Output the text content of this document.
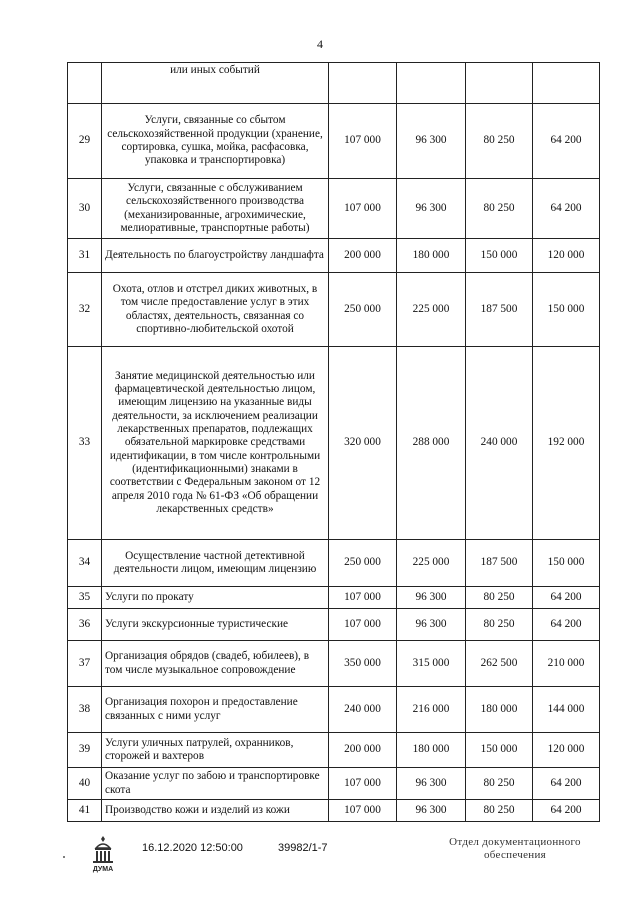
4
	или иных событий				
29	Услуги, связанные со сбытом сельскохозяйственной продукции (хранение, сортировка, сушка, мойка, расфасовка, упаковка и транспортировка)	107 000	96 300	80 250	64 200
30	Услуги, связанные с обслуживанием сельскохозяйственного производства (механизированные, агрохимические, мелиоративные, транспортные работы)	107 000	96 300	80 250	64 200
31	Деятельность по благоустройству ландшафта	200 000	180 000	150 000	120 000
32	Охота, отлов и отстрел диких животных, в том числе предоставление услуг в этих областях, деятельность, связанная со спортивно-любительской охотой	250 000	225 000	187 500	150 000
33	Занятие медицинской деятельностью или фармацевтической деятельностью лицом, имеющим лицензию на указанные виды деятельности, за исключением реализации лекарственных препаратов, подлежащих обязательной маркировке средствами идентификации, в том числе контрольными (идентификационными) знаками в соответствии с Федеральным законом от 12 апреля 2010 года № 61-ФЗ «Об обращении лекарственных средств»	320 000	288 000	240 000	192 000
34	Осуществление частной детективной деятельности лицом, имеющим лицензию	250 000	225 000	187 500	150 000
35	Услуги по прокату	107 000	96 300	80 250	64 200
36	Услуги экскурсионные туристические	107 000	96 300	80 250	64 200
37	Организация обрядов (свадеб, юбилеев), в том числе музыкальное сопровождение	350 000	315 000	262 500	210 000
38	Организация похорон и предоставление связанных с ними услуг	240 000	216 000	180 000	144 000
39	Услуги уличных патрулей, охранников, сторожей и вахтеров	200 000	180 000	150 000	120 000
40	Оказание услуг по забою и транспортировке скота	107 000	96 300	80 250	64 200
41	Производство кожи и изделий из кожи	107 000	96 300	80 250	64 200
ДУМА
16.12.2020 12:50:00	39982/1-7	Отдел документационного
обеспечения
